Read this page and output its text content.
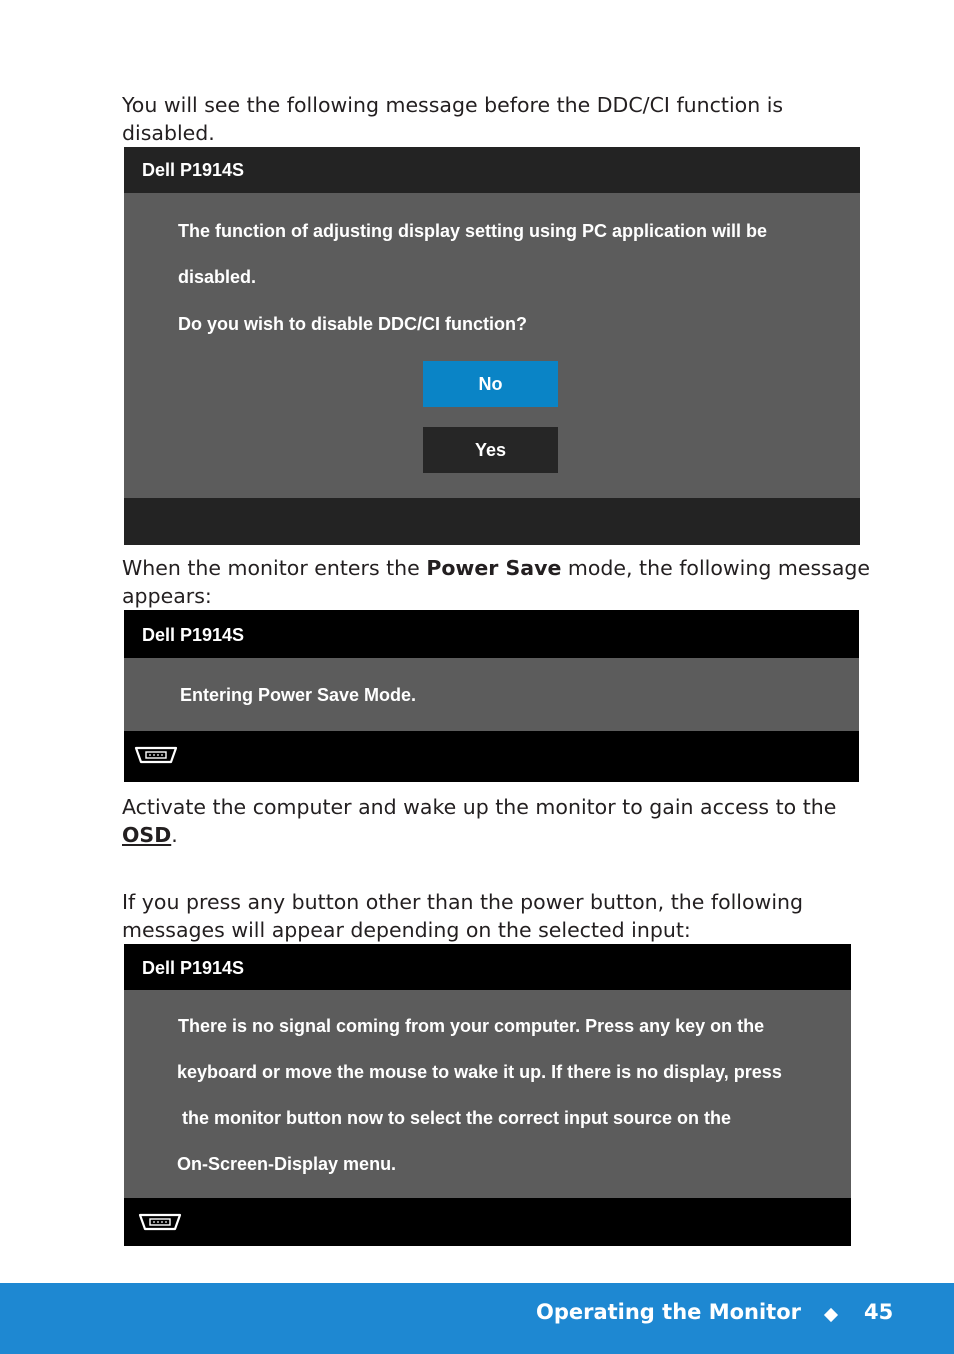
You will see the following message before the DDC/CI function is disabled.
Dell P1914S
The function of adjusting display setting using PC application will be
disabled.
Do you wish to disable DDC/CI function?
No
Yes
When the monitor enters the Power Save mode, the following message appears:
Dell P1914S
Entering Power Save Mode.
Activate the computer and wake up the monitor to gain access to the OSD.
If you press any button other than the power button, the following messages will appear depending on the selected input:
Dell P1914S
There is no signal coming from your computer. Press any key on the
keyboard or move the mouse to wake it up. If there is no display, press
the monitor button now to select the correct input source on the
On-Screen-Display menu.
Operating the Monitor	45
